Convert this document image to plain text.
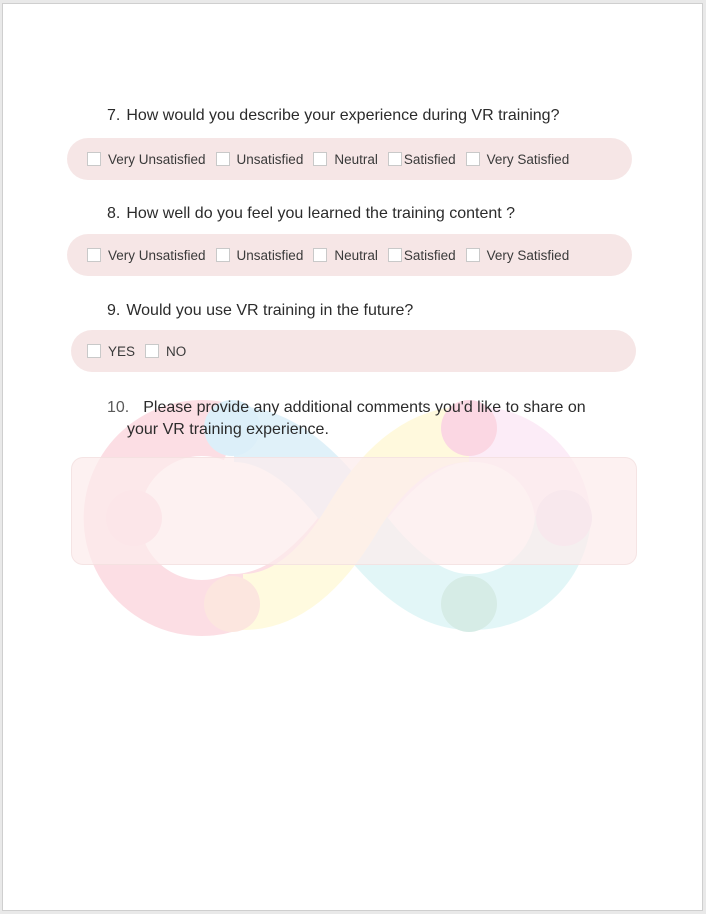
7. How would you describe your experience during VR training?

Very Unsatisfied Unsatisfied Neutral Satisfied Very Satisfied

8. How well do you feel you learned the training content ?

Very Unsatisfied Unsatisfied Neutral Satisfied Very Satisfied

9. Would you use VR training in the future?

YES NO

10. Please provide any additional comments you'd like to share on
your VR training experience.
